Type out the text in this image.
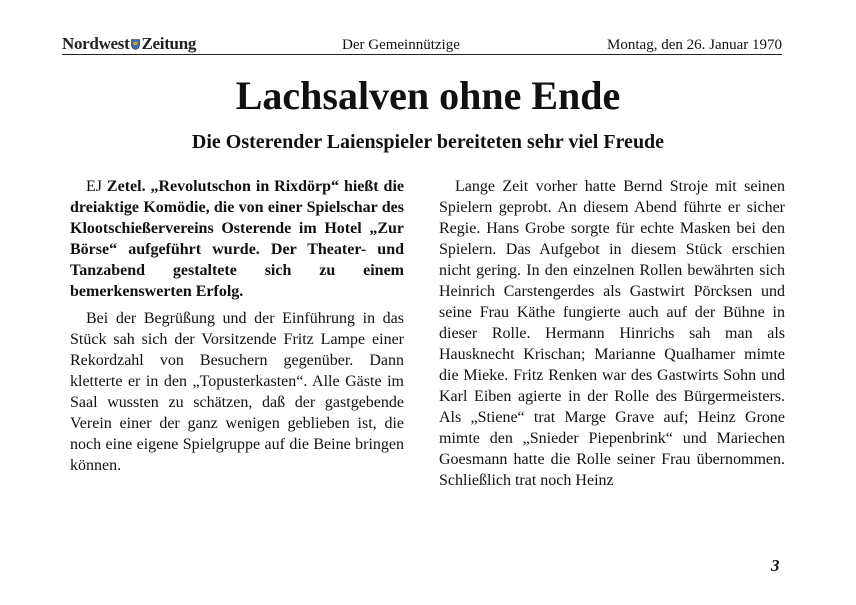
Nordwest Zeitung	Der Gemeinnützige	Montag, den 26. Januar 1970
Lachsalven ohne Ende
Die Osterender Laienspieler bereiteten sehr viel Freude

EJ Zetel. „Revolutschon in Rixdörp“ hießt die dreiaktige Komödie, die von einer Spielschar des Klootschießervereins Osterende im Hotel „Zur Börse“ aufgeführt wurde. Der Theater- und Tanzabend gestaltete sich zu einem bemerkenswerten Erfolg.

Bei der Begrüßung und der Einführung in das Stück sah sich der Vorsitzende Fritz Lampe einer Rekordzahl von Besuchern gegenüber. Dann kletterte er in den „Topusterkasten“. Alle Gäste im Saal wussten zu schätzen, daß der gastgebende Verein einer der ganz wenigen geblieben ist, die noch eine eigene Spielgruppe auf die Beine bringen können.

Lange Zeit vorher hatte Bernd Stroje mit seinen Spielern geprobt. An diesem Abend führte er sicher Regie. Hans Grobe sorgte für echte Masken bei den Spielern. Das Aufgebot in diesem Stück erschien nicht gering. In den einzelnen Rollen bewährten sich Heinrich Carstengerdes als Gastwirt Pörcksen und seine Frau Käthe fungierte auch auf der Bühne in dieser Rolle. Hermann Hinrichs sah man als Hausknecht Krischan; Marianne Qualhamer mimte die Mieke. Fritz Renken war des Gastwirts Sohn und Karl Eiben agierte in der Rolle des Bürgermeisters. Als „Stiene“ trat Marge Grave auf; Heinz Grone mimte den „Snieder Piepenbrink“ und Mariechen Goesmann hatte die Rolle seiner Frau übernommen. Schließlich trat noch Heinz

3
